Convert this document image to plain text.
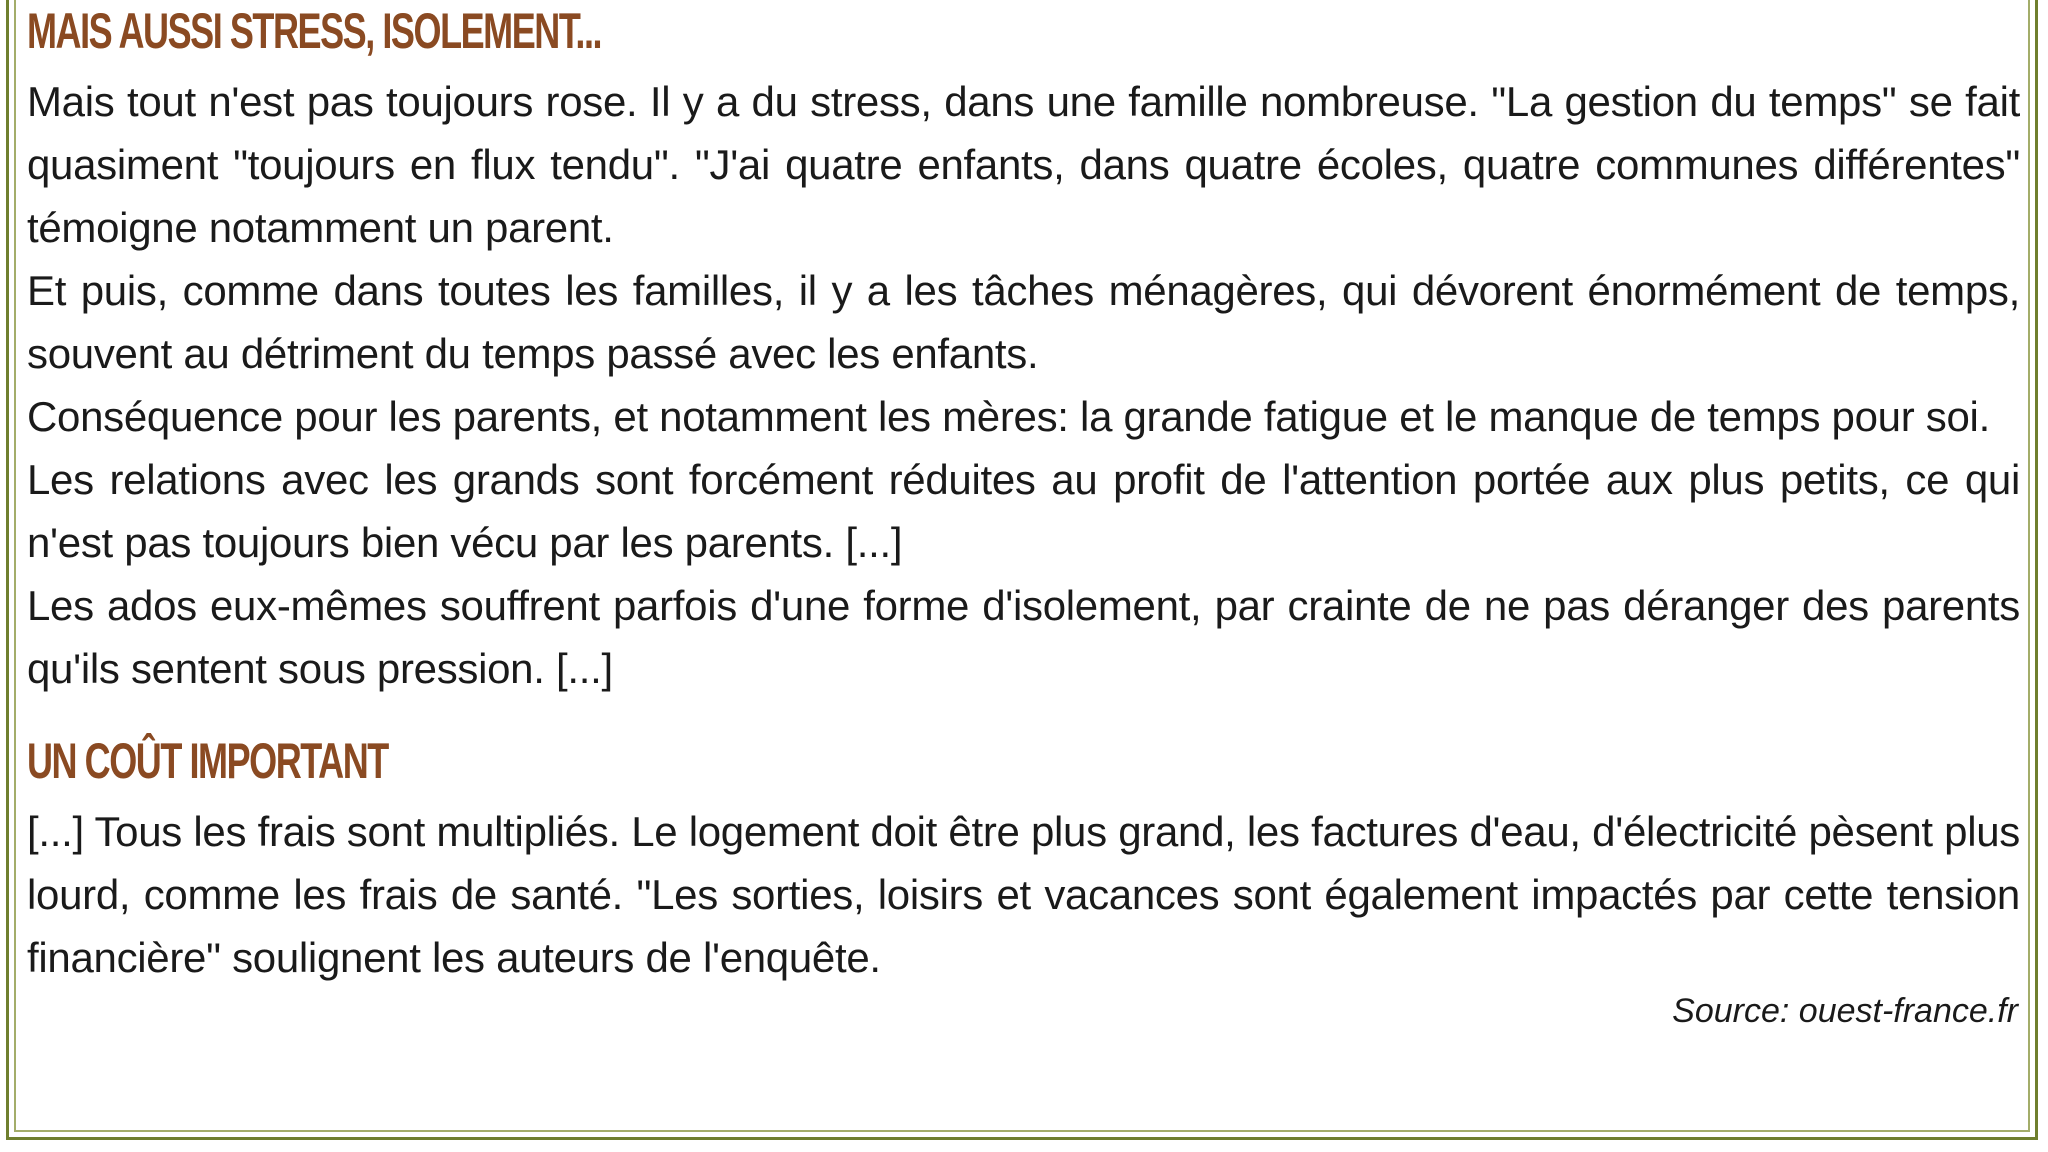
MAIS AUSSI STRESS, ISOLEMENT...

Mais tout n'est pas toujours rose. Il y a du stress, dans une famille nombreuse. "La gestion du temps" se fait quasiment "toujours en flux tendu". "J'ai quatre enfants, dans quatre écoles, quatre communes différentes" témoigne notamment un parent.

Et puis, comme dans toutes les familles, il y a les tâches ménagères, qui dévorent énormément de temps, souvent au détriment du temps passé avec les enfants.

Conséquence pour les parents, et notamment les mères: la grande fatigue et le manque de temps pour soi.

Les relations avec les grands sont forcément réduites au profit de l'attention portée aux plus petits, ce qui n'est pas toujours bien vécu par les parents. [...]

Les ados eux-mêmes souffrent parfois d'une forme d'isolement, par crainte de ne pas déranger des parents qu'ils sentent sous pression. [...]

UN COÛT IMPORTANT

[...] Tous les frais sont multipliés. Le logement doit être plus grand, les factures d'eau, d'électricité pèsent plus lourd, comme les frais de santé. "Les sorties, loisirs et vacances sont également impactés par cette tension financière" soulignent les auteurs de l'enquête.

Source: ouest-france.fr
